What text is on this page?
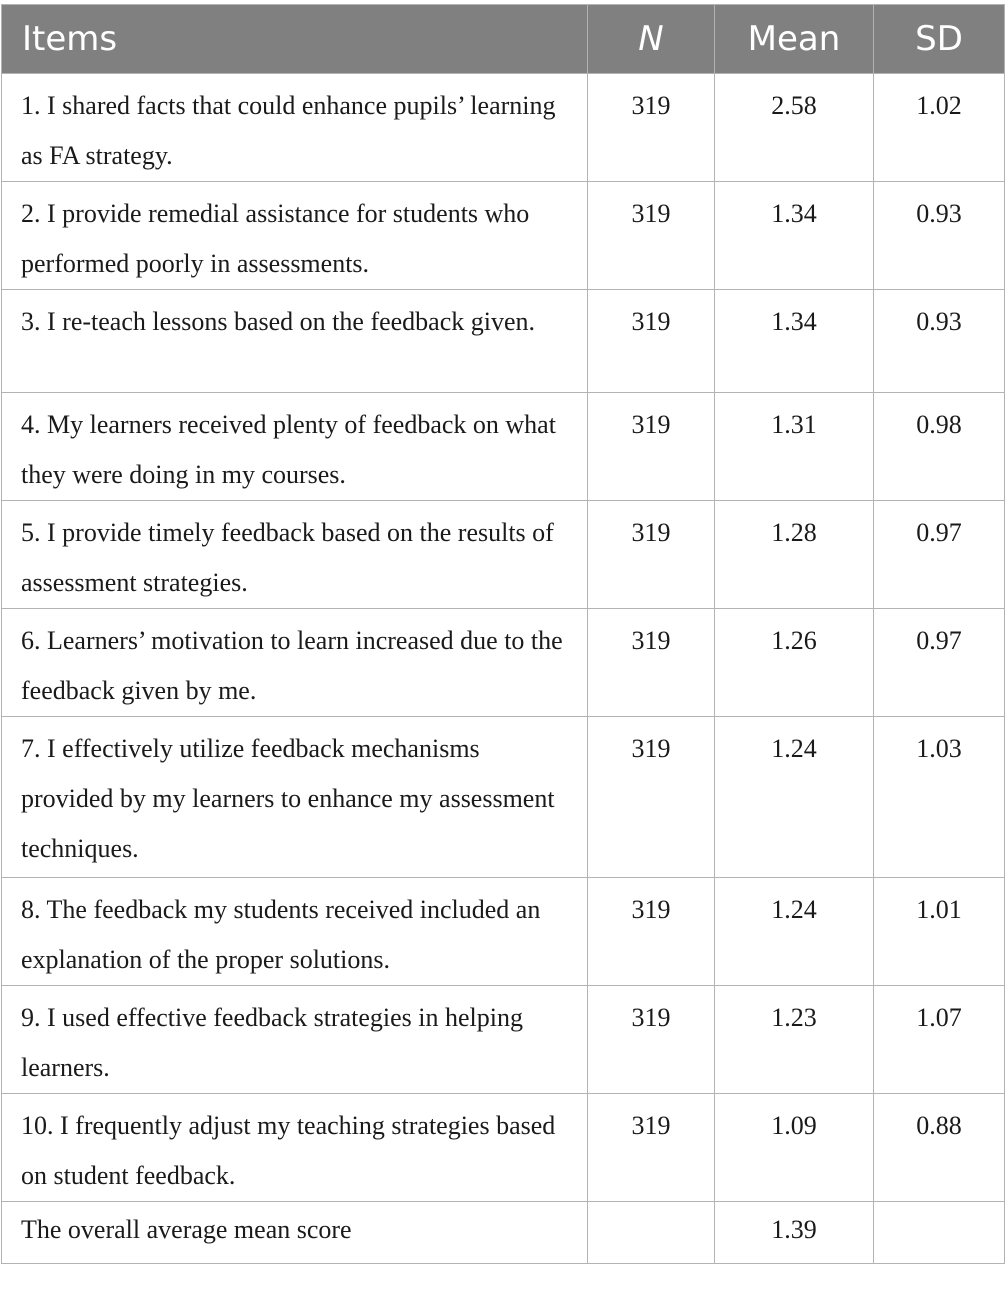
Items	N	Mean	SD
1. I shared facts that could enhance pupils’ learning as FA strategy.	319	2.58	1.02
2. I provide remedial assistance for students who performed poorly in assessments.	319	1.34	0.93
3. I re-teach lessons based on the feedback given.	319	1.34	0.93
4. My learners received plenty of feedback on what they were doing in my courses.	319	1.31	0.98
5. I provide timely feedback based on the results of assessment strategies.	319	1.28	0.97
6. Learners’ motivation to learn increased due to the feedback given by me.	319	1.26	0.97
7. I effectively utilize feedback mechanisms provided by my learners to enhance my assessment techniques.	319	1.24	1.03
8. The feedback my students received included an explanation of the proper solutions.	319	1.24	1.01
9. I used effective feedback strategies in helping learners.	319	1.23	1.07
10. I frequently adjust my teaching strategies based on student feedback.	319	1.09	0.88
The overall average mean score		1.39	
